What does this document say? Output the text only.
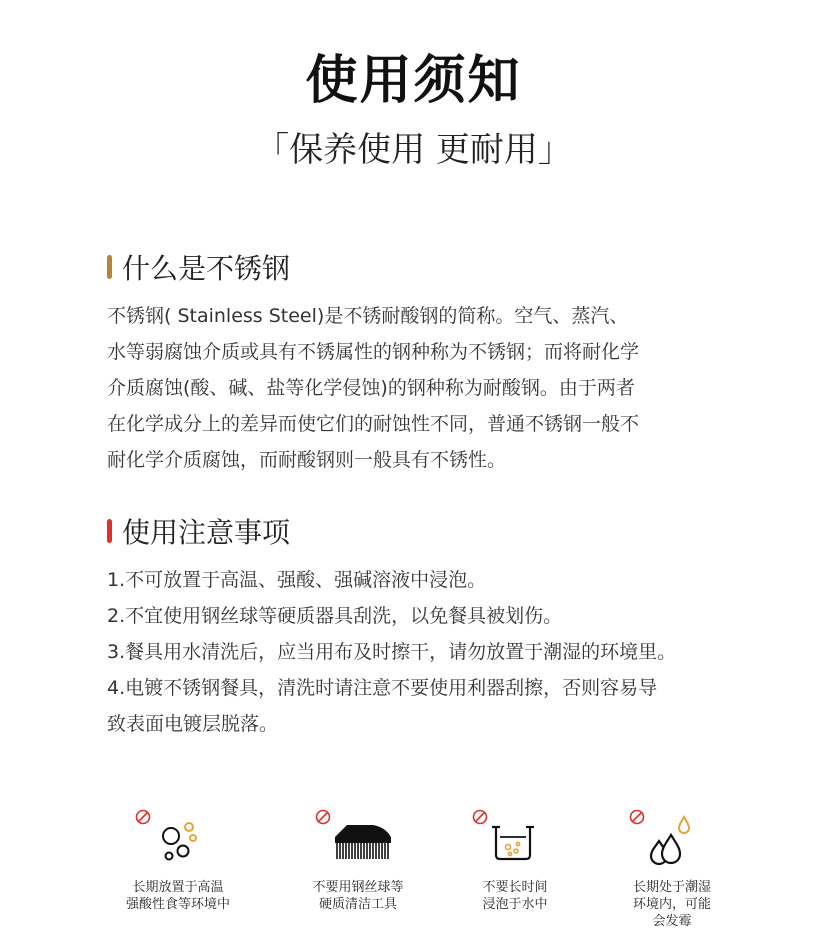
使用须知
「保养使用 更耐用」
什么是不锈钢

不锈钢( Stainless Steel)是不锈耐酸钢的简称。空气、蒸汽、

水等弱腐蚀介质或具有不锈属性的钢种称为不锈钢；而将耐化学

介质腐蚀(酸、碱、盐等化学侵蚀)的钢种称为耐酸钢。由于两者

在化学成分上的差异而使它们的耐蚀性不同，普通不锈钢一般不

耐化学介质腐蚀，而耐酸钢则一般具有不锈性。

使用注意事项

1.不可放置于高温、强酸、强碱溶液中浸泡。

2.不宜使用钢丝球等硬质器具刮洗，以免餐具被划伤。

3.餐具用水清洗后，应当用布及时擦干，请勿放置于潮湿的环境里。

4.电镀不锈钢餐具，清洗时请注意不要使用利器刮擦，否则容易导

致表面电镀层脱落。

长期放置于高温
强酸性食等环境中
不要用钢丝球等
硬质清洁工具
不要长时间
浸泡于水中
长期处于潮湿
环境内，可能
会发霉
